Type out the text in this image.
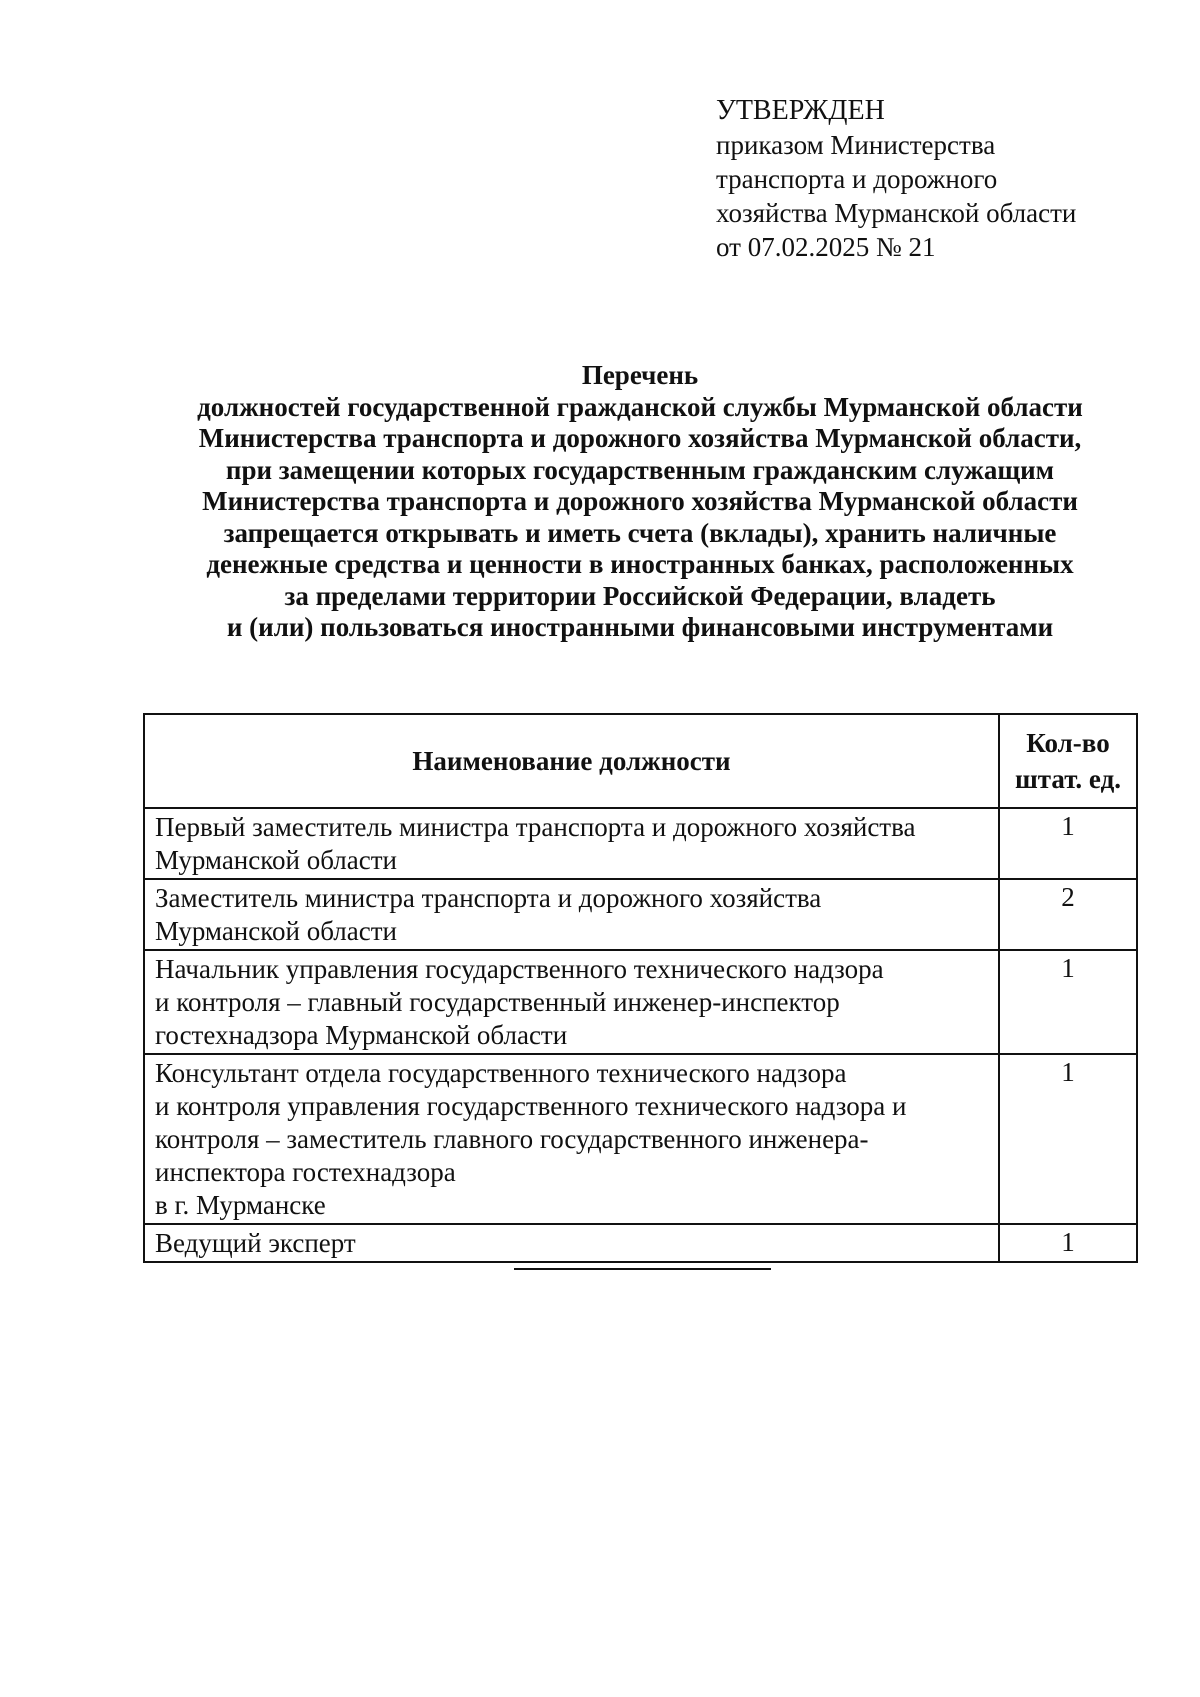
УТВЕРЖДЕН
приказом Министерства
транспорта и дорожного
хозяйства Мурманской области
от 07.02.2025 № 21
Перечень
должностей государственной гражданской службы Мурманской области
Министерства транспорта и дорожного хозяйства Мурманской области,
при замещении которых государственным гражданским служащим
Министерства транспорта и дорожного хозяйства Мурманской области
запрещается открывать и иметь счета (вклады), хранить наличные
денежные средства и ценности в иностранных банках, расположенных
за пределами территории Российской Федерации, владеть
и (или) пользоваться иностранными финансовыми инструментами
Наименование должности	Кол-во
штат. ед.

Первый заместитель министра транспорта и дорожного хозяйства
Мурманской области	1

Заместитель министра транспорта и дорожного хозяйства
Мурманской области	2

Начальник управления государственного технического надзора
и контроля – главный государственный инженер-инспектор
гостехнадзора Мурманской области	1

Консультант отдела государственного технического надзора
и контроля управления государственного технического надзора и
контроля – заместитель главного государственного инженера-
инспектора гостехнадзора
в г. Мурманске	1

Ведущий эксперт	1
